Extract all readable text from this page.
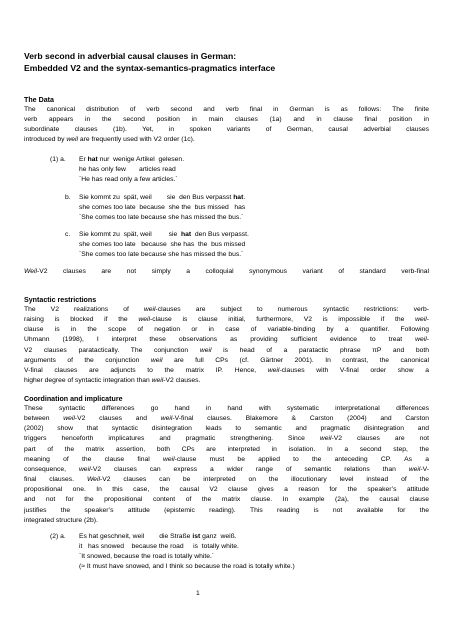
Verb second in adverbial causal clauses in German:
Embedded V2 and the syntax-semantics-pragmatics interface
The Data
The canonical distribution of verb second and verb final in German is as follows: The finite
verb appears in the second position in main clauses (1a) and in clause final position in
subordinate clauses (1b). Yet, in spoken variants of German, causal adverbial clauses
introduced by weil are frequently used with V2 order (1c).
(1) a. Er hat nur  wenige Artikel  gelesen.
he has only few       articles read
`He has read only a few articles.´
b. Sie kommt zu  spät, weil        sie  den Bus verpasst hat.
she comes too late  because  she the  bus missed   has
`She comes too late because she has missed the bus.´
c. Sie kommt zu  spät, weil         sie  hat  den Bus verpasst.
she comes too late   because  she has  the  bus missed
`She comes too late because she has missed the bus.´
Weil-V2 clauses are not simply a colloquial synonymous variant of standard verb-final
Syntactic restrictions
The V2 realizations of weil-clauses are subject to numerous syntactic restrictions: verb-
raising is blocked if the weil-clause is clause initial, furthermore, V2 is impossible if the weil-
clause is in the scope of negation or in case of variable-binding by a quantifier. Following
Uhmann (1998), I interpret these observations as providing sufficient evidence to treat weil-
V2 clauses paratactically. The conjunction weil is head of a paratactic phrase πP and both
arguments of the conjunction weil are full CPs (cf. Gärtner 2001). In contrast, the canonical
V-final clauses are adjuncts to the matrix IP. Hence, weil-clauses with V-final order show a
higher degree of syntactic integration than weil-V2 clauses.
Coordination and implicature
These syntactic differences go hand in hand with systematic interpretational differences
between weil-V2 clauses and weil-V-final clauses. Blakemore & Carston (2004) and Carston
(2002) show that syntactic disintegration leads to semantic and pragmatic disintegration and
triggers henceforth implicatures and pragmatic strengthening. Since weil-V2 clauses are not
part of the matrix assertion, both CPs are interpreted in isolation. In a second step, the
meaning of the clause final weil-clause must be applied to the anteceding CP. As a
consequence, weil-V2 clauses can express a wider range of semantic relations than weil-V-
final clauses. Weil-V2 clauses can be interpreted on the illocutionary level instead of the
propositional one. In this case, the causal V2 clause gives a reason for the speaker’s attitude
and not for the propositional content of the matrix clause. In example (2a), the causal clause
justifies the speaker’s attitude (epistemic reading). This reading is not available for the
integrated structure (2b).
(2) a. Es hat geschneit, weil        die Straße ist ganz  weiß.
it   has snowed    because the road     is  totally white.
`It snowed, because the road is totally white.´
(≈ It must have snowed, and I think so because the road is totally white.)
1
